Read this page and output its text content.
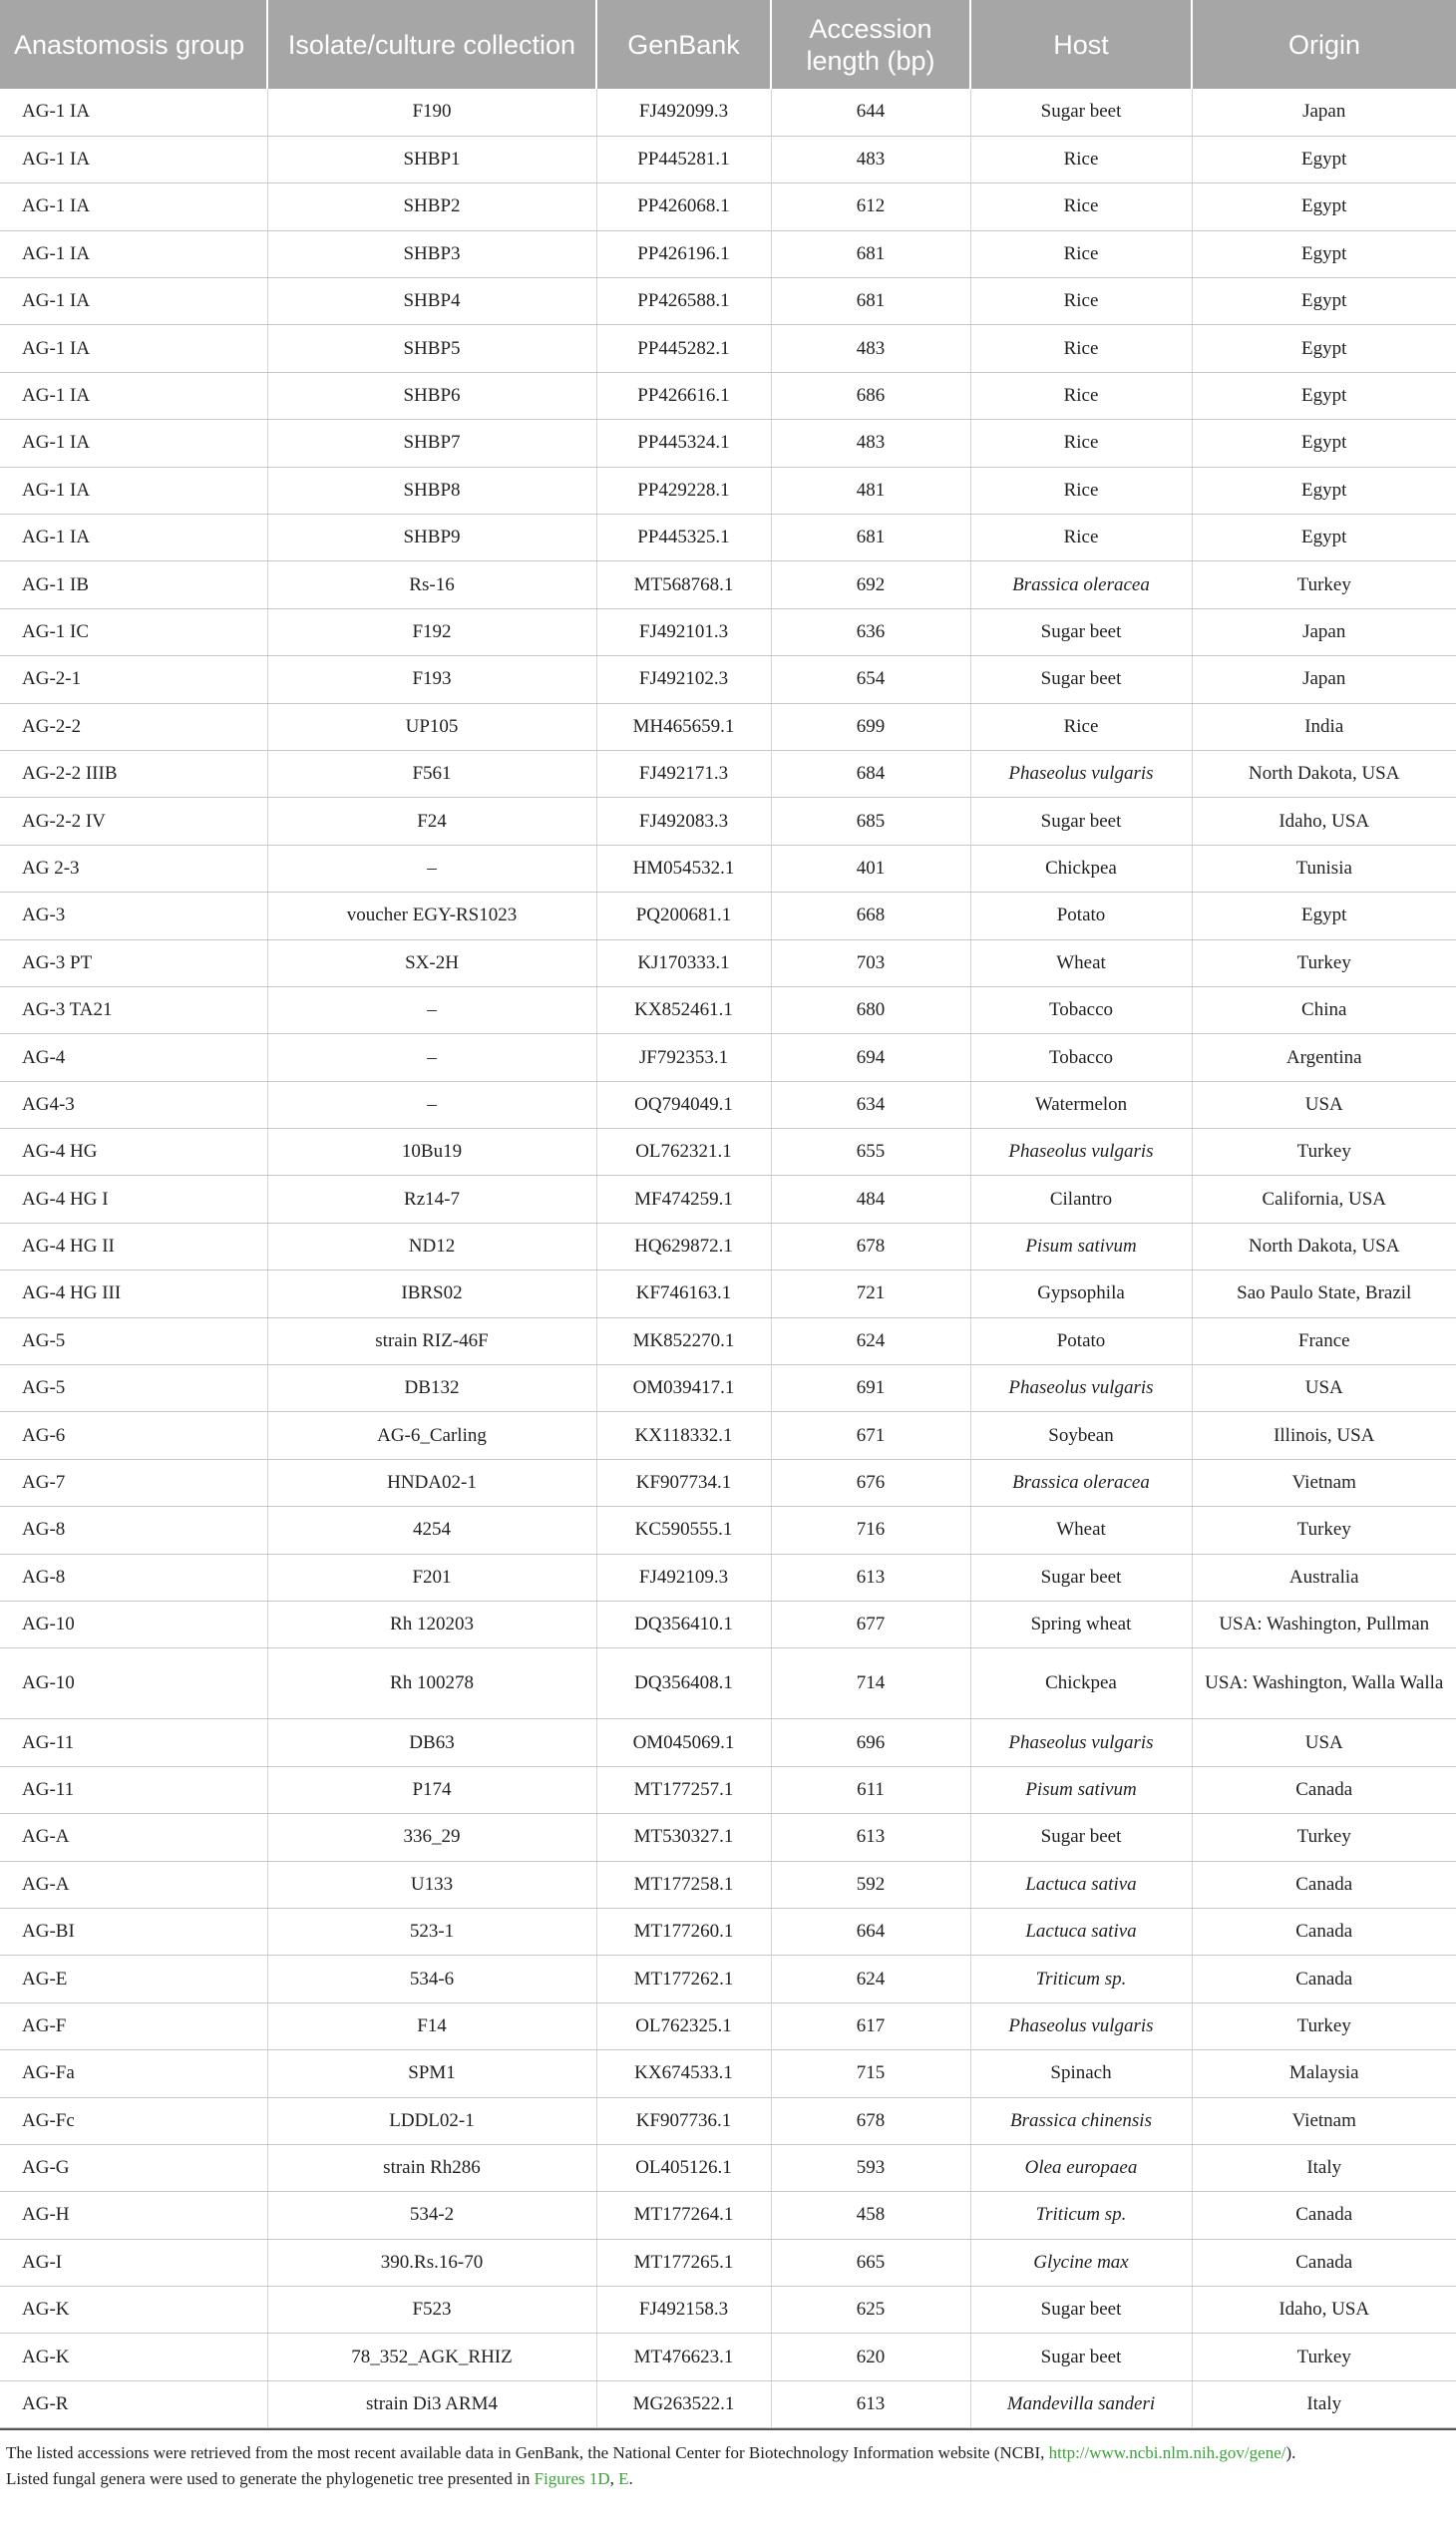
Anastomosis group	Isolate/culture collection	GenBank	Accession length (bp)	Host	Origin
AG-1 IA	F190	FJ492099.3	644	Sugar beet	Japan
AG-1 IA	SHBP1	PP445281.1	483	Rice	Egypt
AG-1 IA	SHBP2	PP426068.1	612	Rice	Egypt
AG-1 IA	SHBP3	PP426196.1	681	Rice	Egypt
AG-1 IA	SHBP4	PP426588.1	681	Rice	Egypt
AG-1 IA	SHBP5	PP445282.1	483	Rice	Egypt
AG-1 IA	SHBP6	PP426616.1	686	Rice	Egypt
AG-1 IA	SHBP7	PP445324.1	483	Rice	Egypt
AG-1 IA	SHBP8	PP429228.1	481	Rice	Egypt
AG-1 IA	SHBP9	PP445325.1	681	Rice	Egypt
AG-1 IB	Rs-16	MT568768.1	692	Brassica oleracea	Turkey
AG-1 IC	F192	FJ492101.3	636	Sugar beet	Japan
AG-2-1	F193	FJ492102.3	654	Sugar beet	Japan
AG-2-2	UP105	MH465659.1	699	Rice	India
AG-2-2 IIIB	F561	FJ492171.3	684	Phaseolus vulgaris	North Dakota, USA
AG-2-2 IV	F24	FJ492083.3	685	Sugar beet	Idaho, USA
AG 2-3	–	HM054532.1	401	Chickpea	Tunisia
AG-3	voucher EGY-RS1023	PQ200681.1	668	Potato	Egypt
AG-3 PT	SX-2H	KJ170333.1	703	Wheat	Turkey
AG-3 TA21	–	KX852461.1	680	Tobacco	China
AG-4	–	JF792353.1	694	Tobacco	Argentina
AG4-3	–	OQ794049.1	634	Watermelon	USA
AG-4 HG	10Bu19	OL762321.1	655	Phaseolus vulgaris	Turkey
AG-4 HG I	Rz14-7	MF474259.1	484	Cilantro	California, USA
AG-4 HG II	ND12	HQ629872.1	678	Pisum sativum	North Dakota, USA
AG-4 HG III	IBRS02	KF746163.1	721	Gypsophila	Sao Paulo State, Brazil
AG-5	strain RIZ-46F	MK852270.1	624	Potato	France
AG-5	DB132	OM039417.1	691	Phaseolus vulgaris	USA
AG-6	AG-6_Carling	KX118332.1	671	Soybean	Illinois, USA
AG-7	HNDA02-1	KF907734.1	676	Brassica oleracea	Vietnam
AG-8	4254	KC590555.1	716	Wheat	Turkey
AG-8	F201	FJ492109.3	613	Sugar beet	Australia
AG-10	Rh 120203	DQ356410.1	677	Spring wheat	USA: Washington, Pullman
AG-10	Rh 100278	DQ356408.1	714	Chickpea	USA: Washington, Walla Walla
AG-11	DB63	OM045069.1	696	Phaseolus vulgaris	USA
AG-11	P174	MT177257.1	611	Pisum sativum	Canada
AG-A	336_29	MT530327.1	613	Sugar beet	Turkey
AG-A	U133	MT177258.1	592	Lactuca sativa	Canada
AG-BI	523-1	MT177260.1	664	Lactuca sativa	Canada
AG-E	534-6	MT177262.1	624	Triticum sp.	Canada
AG-F	F14	OL762325.1	617	Phaseolus vulgaris	Turkey
AG-Fa	SPM1	KX674533.1	715	Spinach	Malaysia
AG-Fc	LDDL02-1	KF907736.1	678	Brassica chinensis	Vietnam
AG-G	strain Rh286	OL405126.1	593	Olea europaea	Italy
AG-H	534-2	MT177264.1	458	Triticum sp.	Canada
AG-I	390.Rs.16-70	MT177265.1	665	Glycine max	Canada
AG-K	F523	FJ492158.3	625	Sugar beet	Idaho, USA
AG-K	78_352_AGK_RHIZ	MT476623.1	620	Sugar beet	Turkey
AG-R	strain Di3 ARM4	MG263522.1	613	Mandevilla sanderi	Italy
The listed accessions were retrieved from the most recent available data in GenBank, the National Center for Biotechnology Information website (NCBI, http://www.ncbi.nlm.nih.gov/gene/).
Listed fungal genera were used to generate the phylogenetic tree presented in Figures 1D, E.
